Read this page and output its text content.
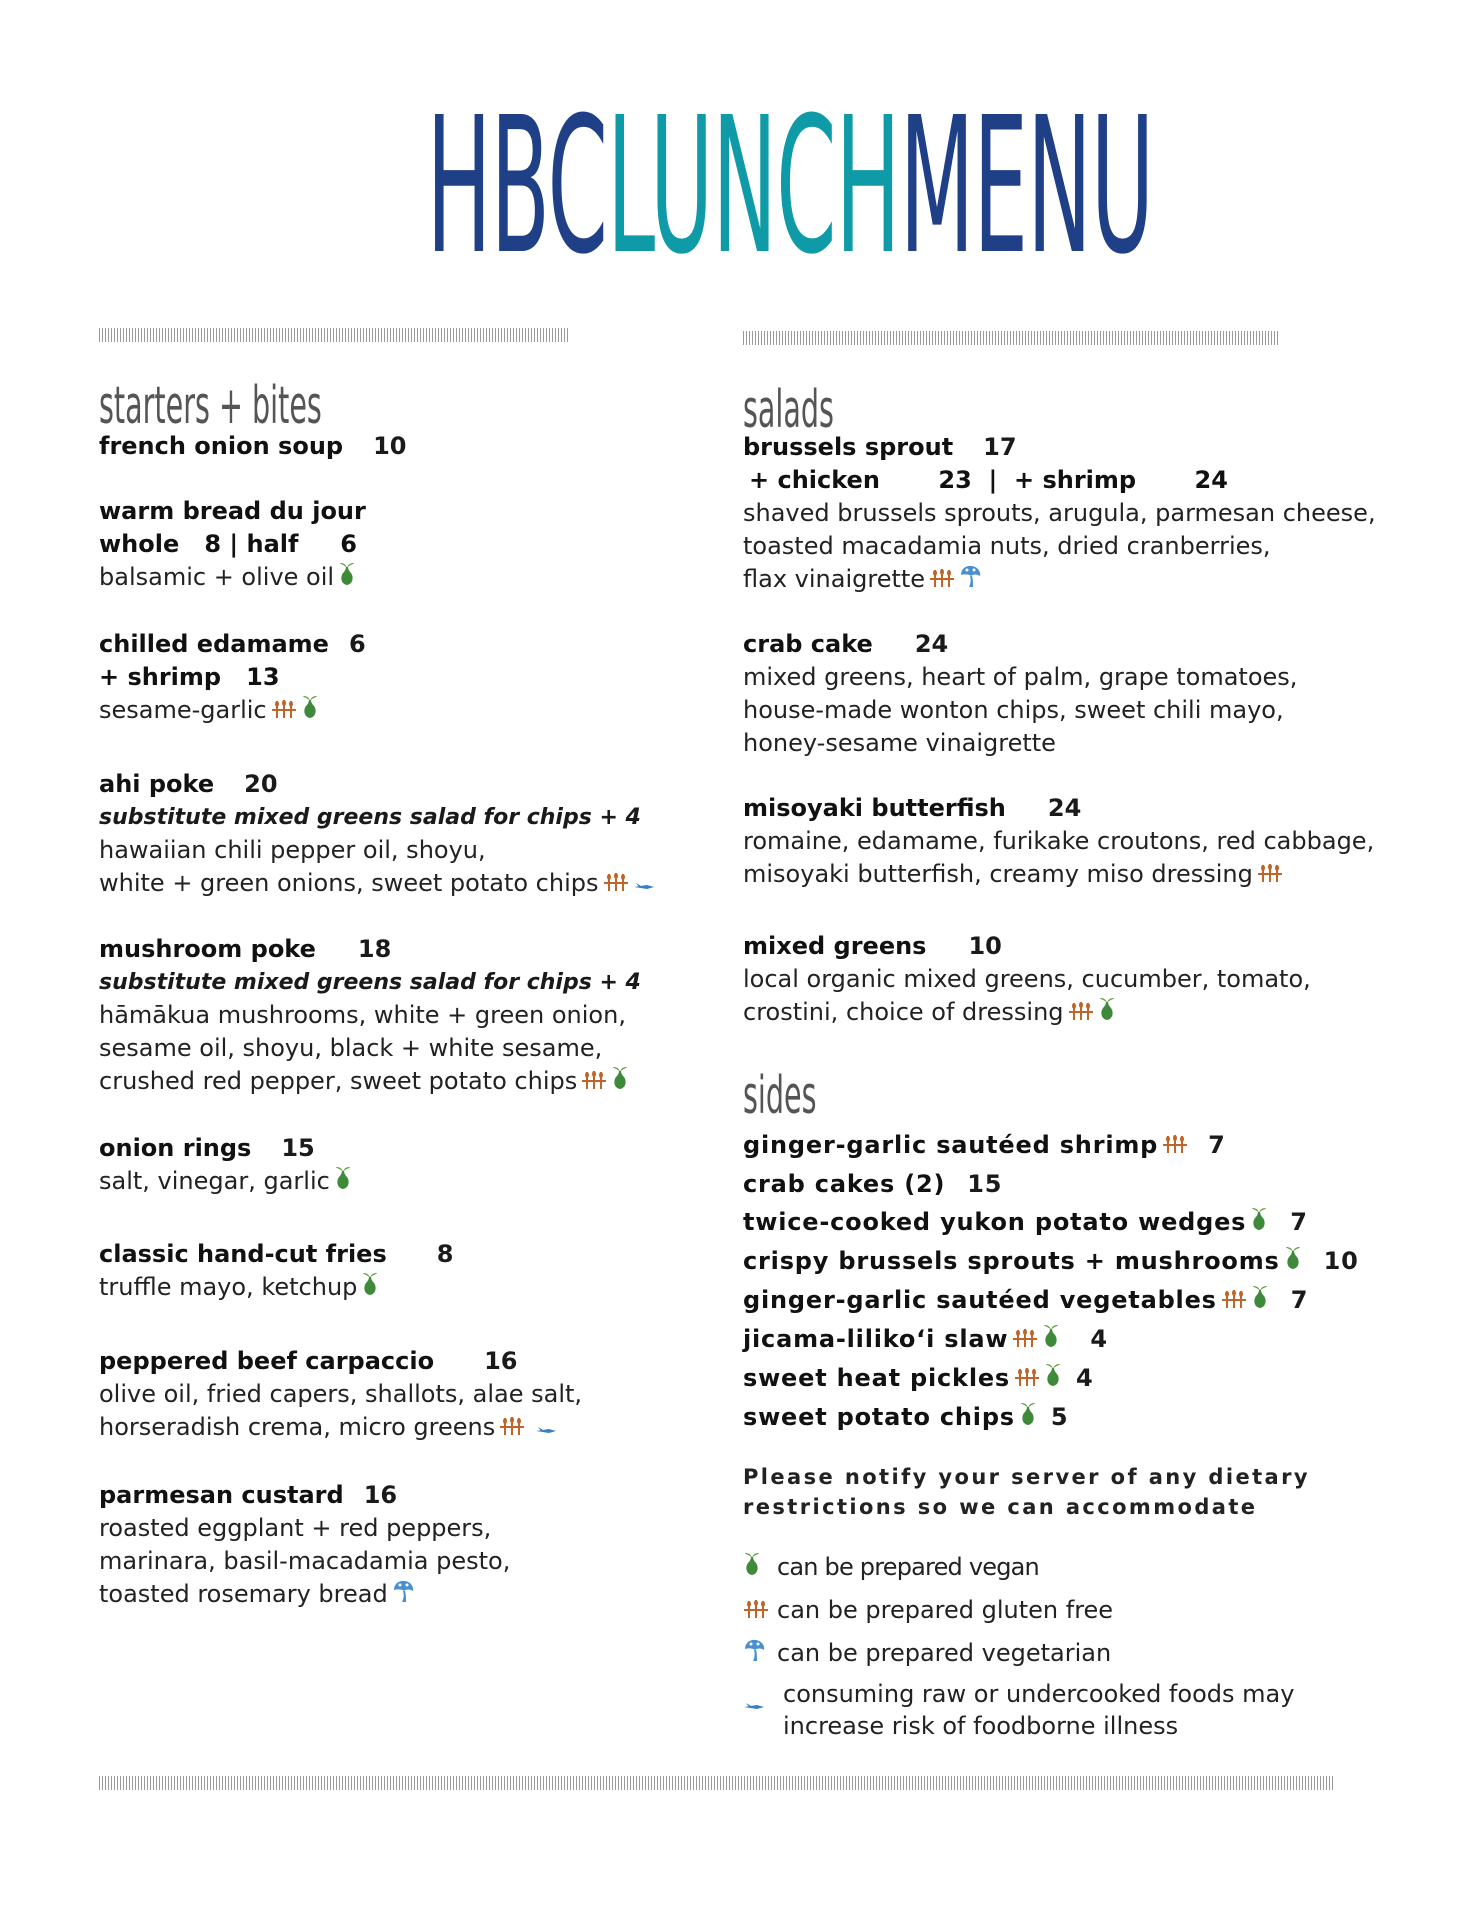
HBCLUNCHMENU
starters + bites
french onion soup 10
warm bread du jour
whole   8 | half     6
balsamic + olive oil
chilled edamame 6
+ shrimp   13
sesame-garlic
ahi poke 20
substitute mixed greens salad for chips + 4
hawaiian chili pepper oil, shoyu,
white + green onions, sweet potato chips
mushroom poke 18
substitute mixed greens salad for chips + 4
hāmākua mushrooms, white + green onion,
sesame oil, shoyu, black + white sesame,
crushed red pepper, sweet potato chips
onion rings 15
salt, vinegar, garlic
classic hand-cut fries 8
truffle mayo, ketchup
peppered beef carpaccio 16
olive oil, fried capers, shallots, alae salt,
horseradish crema, micro greens
parmesan custard 16
roasted eggplant + red peppers,
marinara, basil-macadamia pesto,
toasted rosemary bread
salads
brussels sprout 17
+ chicken       23  |  + shrimp       24
shaved brussels sprouts, arugula, parmesan cheese,
toasted macadamia nuts, dried cranberries,
flax vinaigrette
crab cake 24
mixed greens, heart of palm, grape tomatoes,
house-made wonton chips, sweet chili mayo,
honey-sesame vinaigrette
misoyaki butterfish 24
romaine, edamame, furikake croutons, red cabbage,
misoyaki butterfish, creamy miso dressing
mixed greens 10
local organic mixed greens, cucumber, tomato,
crostini, choice of dressing
sides
ginger-garlic sautéed shrimp 7
crab cakes (2) 15
twice-cooked yukon potato wedges 7
crispy brussels sprouts + mushrooms 10
ginger-garlic sautéed vegetables	7
jicama-liliko‘i slaw	4
sweet heat pickles	4
sweet potato chips 5
Please notify your server of any dietary
restrictions so we can accommodate
can be prepared vegan
can be prepared gluten free
can be prepared vegetarian
consuming raw or undercooked foods may
increase risk of foodborne illness
